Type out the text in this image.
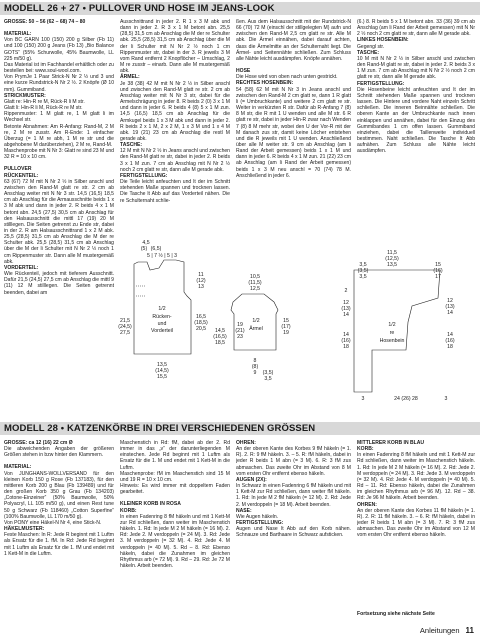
MODELL 26 + 27 • PULLOVER UND HOSE IM JEANS-LOOK

GRÖSSE: 50 – 56 (62 – 68) 74 – 80

MATERIAL:

Von BC GARN 100 (150) 200 g Silber (Fb 11) und 100 (150) 200 g Jeans (Fb 13) „Bio Balance GOTS“ (55% Schurwolle, 45% Baumwolle, LL 225 m/50 g).

Das Material ist im Fachhandel erhältlich oder zu bestellen bei: www.soul-wool.com.

Von PrymJe 1 Paar Strick-N Nr 2 ½ und 3 und eine kurze Rundstrick-N Nr 2 ½. 2 Knöpfe (Ø 10 mm). Gummiband.

STRICKMUSTER:

Glatt re: Hin-R re M, Rück-R li M str.

Glatt li: Hin-R li M, Rück-R re M str.

Rippenmuster: 1 M glatt re, 1 M glatt li im Wechsel str.

Betonte Abnahmen: Am R-Anfang: Rand-M, 2 M re, 2 M re zusstr. Am R-Ende: 1 einfacher Überzug (= 1 M re abh, 1 M re str und die abgehobene M darüberziehen), 2 M re, Rand-M.

Maschenprobe mit N Nr 3: Glatt re sind 23 M und 32 R = 10 x 10 cm.

PULLOVER

RÜCKENTEIL:

63 (67) 72 M mit N Nr 2 ½ in Silber anschl und zwischen den Rand-M glatt re str. 2 cm ab Anschlag weiter mit N Nr 3 str. 14,5 (16,5) 18,5 cm ab Anschlag für die Armausschnitte beids 1 x 3 M abk und dann in jeder 2. R beids 4 x 1 M betont abn. 24,5 (27,5) 30,5 cm ab Anschlag für den Halsausschnitt die mittl 17 (19) 20 M stilllegen. Die Seiten getrennt zu Ende str, dabei in der 2. R am Halsausschnittrand 1 x 2 M abk. 25,5 (28,5) 31,5 cm ab Anschlag die M der re Schulter abk. 25,5 (28,5) 31,5 cm ab Anschlag über die M der li Schulter mit N Nr 2 ½ noch 1 cm Rippenmuster str. Dann alle M mustergemäß abk.

VORDERTEIL:

Wie Rückenteil, jedoch mit tieferem Ausschnitt. Dafür 21,5 (24,5) 27,5 cm ab Anschlag die mittl 9 (11) 12 M stilllegen. Die Seiten getrennt beenden, dabei am

Ausschnittrand in jeder 2. R 1 x 3 M abk und dann in jeder 2. R 3 x 1 M betont abn. 25,5 (28,5) 31,5 cm ab Anschlag die M der re Schulter abk. 25,5 (28,5) 31,5 cm ab Anschlag über die M der li Schulter mit N Nr 2 ½ noch 1 cm Rippenmuster str, dabei in der 3. R jeweils 3 M vom Rand entfernt 2 Knopflöcher – Umschlag, 2 M re zusstr – einarb. Dann alle M mustergemäß abk.

ÄRMEL:

Je 38 (38) 42 M mit N Nr 2 ½ in Silber anschl und zwischen den Rand-M glatt re str. 2 cm ab Anschlag weiter mit N Nr 3 str, dabei für die Armelschrägung in jeder 8. R beids 2 (0) 3 x 1 M und dann in jeder 6. R beids 4 (8) 5 x 1 M zun. 14,5 (16,5) 18,5 cm ab Anschlag für die Armkugel beids 1 x 3 M abk und dann in jeder 2. R beids 2 x 1 M, 2 x 2 M, 1 x 3 M und 1 x 4 M abk. 19 (21) 23 cm ab Anschlag die restl M gerade abk.

TASCHE:

12 M mit N Nr 2 ½ in Jeans anschl und zwischen den Rand-M glatt re str, dabei in jeder 2. R beids 3 x 1 M zun. 7 cm ab Anschlag mit N Nr 2 ½ noch 2 cm glatt re str, dann alle M gerade abk.

FERTIGSTELLUNG:

Die Teile leicht anfeuchten und lt der im Schnitt stehenden Maße spannen und trocknen lassen. Die Tasche lt Abb auf das Vorderteil nähen. Die re Schulternaht schlie-

ßen. Aus dem Halsausschnitt mit der Rundstrick-N 66 (70) 72 M (einschl der stillgelegten M) aufn und zwischen den Rand-M 2,5 cm glatt re str. Alle M abk. Die Ärmel einnähen, dabei darauf achten, dass die Ärmelmitte an der Schulternaht liegt. Die Ärmel- und Seitennähte schließen. Zum Schluss alle Nähte leicht ausdämpfen. Knöpfe annähen.

HOSE

Die Hose wird von oben nach unten gestrickt.

RECHTES HOSENBEIN:

54 (58) 62 M mit N Nr 3 in Jeans anschl und zwischen den Rand-M 2 cm glatt re, dann 1 R glatt li (= Umbruchkante) und weitere 2 cm glatt re str. Weiter in verkürzten R str. Dafür ab R-Anfang 7 (8) 8 M str, die R mit 1 U wenden und alle M str. 6 R glatt re str, dabei in jeder Hin-R zwar nach Wenden 7 (8) 8 M mehr str, wobei den U der Vor-R mit der M danach zus str, damit keine Löcher entstehen und die R jeweils mit 1 U wenden. Anschließend über alle M weiter str. 9 cm ab Anschlag (am li Rand der Arbeit gemessen) beids 1 x 1 M und dann in jeder 6. R beids 4 x 1 M zun. 21 (22) 23 cm ab Anschlag (am li Rand der Arbeit gemessen) beids 1 x 3 M neu anschl = 70 (74) 78 M. Anschließend in jeder 6.

(6.) 8. R beids 5 x 1 M betont abn. 33 (36) 39 cm ab Anschlag (am li Rand der Arbeit gemessen) mit N Nr 2 ½ noch 2 cm glatt re str, dann alle M gerade abk.

LINKES HOSENBEIN:

Gegengl str.

TASCHE:

10 M mit N Nr 2 ½ in Silber anschl und zwischen den Rand-M glatt re str, dabei in jeder 2. R beids 3 x 1 M zun. 7 cm ab Anschlag mit N Nr 2 ½ noch 2 cm glatt re str, dann alle M gerade abk.

FERTIGSTELLUNG:

Die Hosenbeine leicht anfeuchten und lt der im Schnitt stehenden Maße spannen und trocknen lassen. Die Hintere und vordere Naht einzeln Schritt schließen. Die inneren Beinnähte schließen. Die oberen Kante an der Umbruchkante nach innen einklappen und annähen, dabei für den Einzug des Gummibandes 1 cm offen lassen. Gummiband einziehen, dabei die Taillenweite individuell bestimmen. Naht schließen. Die Tasche lt Abb aufnähen. Zum Schluss alle Nähte leicht ausdämpfen.

4,5
(5) (6,5)
5 | 7 ½ | 5 | 3
21,5
(24,5)
27,5
11
(12)
13
16,5
(18,5)
20,5 14,5
(16,5)
18,5
13,5
(14,5)
15,5
1/2
Rücken-
und
Vorderteil
10,5
(11,5)
12,5
19
(21)
23
15
(17)
19
1/2
Ärmel
8
(8)
9 (3,5)
3,5
11,5
(12,5)
13,5
3,5
(3,5)
3,5
15
(16)
17
2
12
(13)
14
14
(16)
18
12
(13)
14
14
(16)
18
1/2
re
Hosenbein
24 (26) 28
3	3
MODELL 28 • KATZENKÖRBE IN DREI VERSCHIEDENEN GRÖSSEN

GRÖSSE: ca 12 (16) 22 cm Ø

Die abweichenden Angaben der größeren Größen stehen in bzw hinter den Klammern.

MATERIAL:

Von JUNGHANS-WOLLVERSAND für den kleinen Korb 150 g Rose (Fb 137183), für den mittleren Korb 200 g Blau (Fb 139489) und für den großen Korb 350 g Grau (Fb 134203) „Cotone-Einzeiner“ (50% Baumwolle, 50% Polyacryl, LL 105 m/50 g), und einen Rest tune 50 g Schwarz (Fb 118460) „Cotton Superfine“ (100% Baumwolle, LL 170 m/50 g).

Von PONY eine Häkel-N Nr 4, eine Stick-N.

HÄKELMUSTER:

Feste Maschen: In R: Jede R beginnt mit 1 Luftm als Ersatz für die 1. fM. In Rd: Jede Rd beginnt mit 1 Luftm als Ersatz für die 1. fM und endet mit 1 Kett-M in die Luftm.

Maschenstich in Rd: fM, dabei ab der 2. Rd immer in das „v“ der darunterliegenden M einstechen. Jede Rd beginnt mit 1 Luftm als Ersatz für die 1. M und endet mit 1 Kett-M in die Luftm.

Maschenprobe: fM im Maschenstich sind 15 M und 19 R = 10 x 10 cm.

Hinweis: Es wird immer mit doppeltem Faden gearbeitet.

KLEINER KORB IN ROSA

KORB:

In einen Fadenring 8 fM häkeln und mit 1 Kett-M zur Rd schließen, dann weiter im Maschenstich häkeln. 1. Rd: In jede M 2 M häkeln (= 16 M). 2. Rd: Jede 2. M verdoppeln (= 24 M). 3. Rd: Jede 3. M verdoppeln (= 32 M). 4. Rd: Jede 4. M verdoppeln (= 40 M). 5. Rd – 8. Rd: Ebenso häkeln, dabei die Zunahmen im gleichen Rhythmus arb (= 72 M). 9. Rd – 29. Rd: Je 72 M häkeln. Arbeit beenden.

OHREN:

An der oberen Kante des Korbes 9 fM häkeln (= 1. R). 2. R: 9 fM häkeln. 3. – 5. R: fM häkeln, dabei in jeder R beids 1 M abn (= 3 M). 6. R: 3 fM zus abmaschen. Das zweite Ohr im Abstand von 8 M vom ersten Ohr entfernt ebenso häkeln.

AUGEN (2X):

In Schwarz in einen Fadenring 6 fM häkeln und mit 1 Kett-M zur Rd schließen, dann weiter fM häkeln. 1. Rd: In jede M 2 fM häkeln (= 12 M). 2. Rd: Jede 2. M verdoppeln (= 18 M). Arbeit beenden.

NASE:

Wie Augen häkeln.

FERTIGSTELLUNG:

Augen und Nase lt Abb auf den Korb nähen. Schnauze und Barthaare in Schwarz aufsticken.

MITTLERER KORB IN BLAU

KORB:

In einen Fadenring 8 fM häkeln und mit 1 Kett-M zur Rd schließen, dann weiter im Maschenstich häkeln. 1. Rd: In jede M 2 M häkeln (= 16 M). 2. Rd: Jede 2. M verdoppeln (= 24 M). 3. Rd: Jede 3. M verdoppeln (= 32 M). 4. Rd: Jede 4. M verdoppeln (= 40 M). 5. Rd – 11. Rd: Ebenso häkeln, dabei die Zunahmen im gleichen Rhythmus arb (= 96 M). 12. Rd – 38. Rd: Je 96 M häkeln. Arbeit beenden.

OHREN:

An der oberen Kante des Korbes 11 fM häkeln (= 1. R). 2. R: 11 fM häkeln. 3. – 6. R: fM häkeln, dabei in jeder R beids 1 M abn (= 3 M). 7. R: 3 fM zus abmaschen. Das zweite Ohr im Abstand von 12 M vom ersten Ohr entfernt ebenso häkeln.

Fortsetzung siehe nächste Seite
Anleitungen 11
